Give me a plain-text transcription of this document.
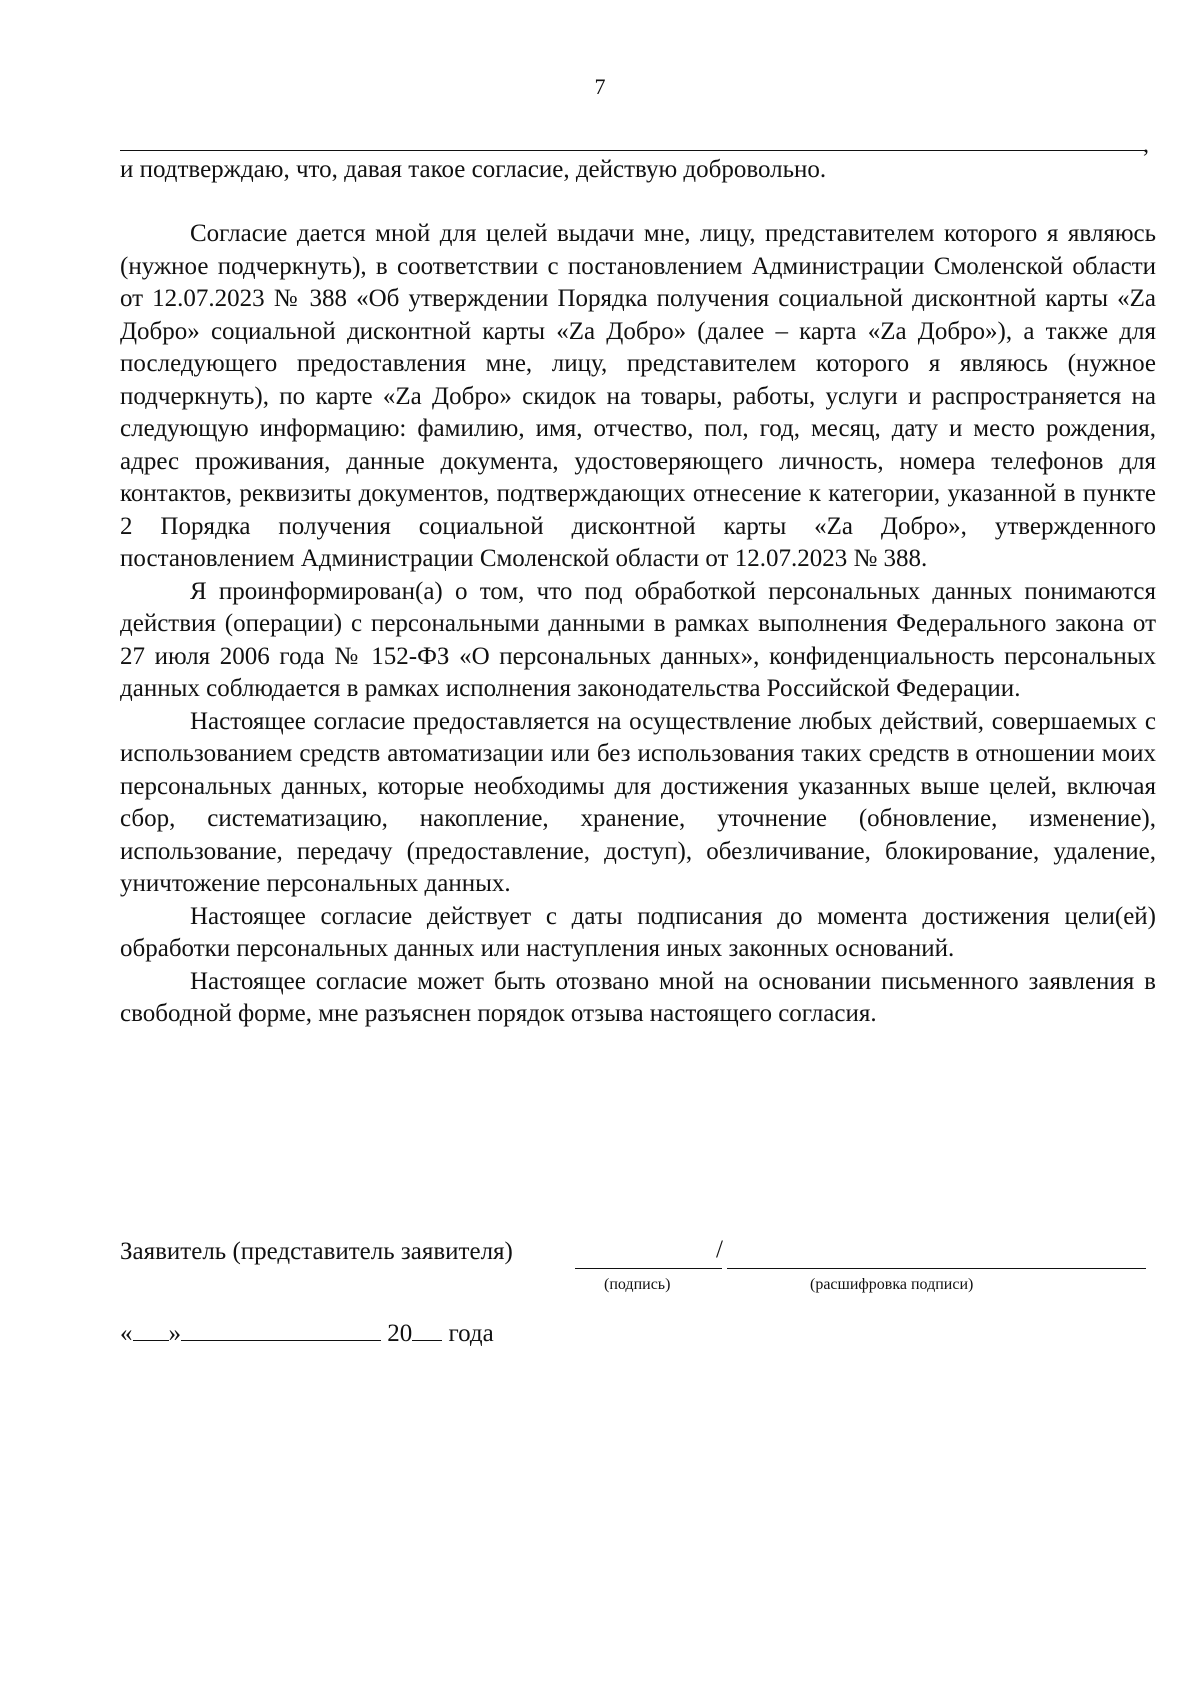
7
,
и подтверждаю, что, давая такое согласие, действую добровольно.

Согласие дается мной для целей выдачи мне, лицу, представителем которого я являюсь (нужное подчеркнуть), в соответствии с постановлением Администрации Смоленской области от 12.07.2023 № 388 «Об утверждении Порядка получения социальной дисконтной карты «Za Добро» социальной дисконтной карты «Za Добро» (далее – карта «Za Добро»), а также для последующего предоставления мне, лицу, представителем которого я являюсь (нужное подчеркнуть), по карте «Za Добро» скидок на товары, работы, услуги и распространяется на следующую информацию: фамилию, имя, отчество, пол, год, месяц, дату и место рождения, адрес проживания, данные документа, удостоверяющего личность, номера телефонов для контактов, реквизиты документов, подтверждающих отнесение к категории, указанной в пункте 2 Порядка получения социальной дисконтной карты «Za Добро», утвержденного постановлением Администрации Смоленской области от 12.07.2023 № 388.

Я проинформирован(а) о том, что под обработкой персональных данных понимаются действия (операции) с персональными данными в рамках выполнения Федерального закона от 27 июля 2006 года № 152-ФЗ «О персональных данных», конфиденциальность персональных данных соблюдается в рамках исполнения законодательства Российской Федерации.

Настоящее согласие предоставляется на осуществление любых действий, совершаемых с использованием средств автоматизации или без использования таких средств в отношении моих персональных данных, которые необходимы для достижения указанных выше целей, включая сбор, систематизацию, накопление, хранение, уточнение (обновление, изменение), использование, передачу (предоставление, доступ), обезличивание, блокирование, удаление, уничтожение персональных данных.

Настоящее согласие действует с даты подписания до момента достижения цели(ей) обработки персональных данных или наступления иных законных оснований.

Настоящее согласие может быть отозвано мной на основании письменного заявления в свободной форме, мне разъяснен порядок отзыва настоящего согласия.

Заявитель (представитель заявителя)	/
(подпись)	(расшифровка подписи)
« »	20 года
